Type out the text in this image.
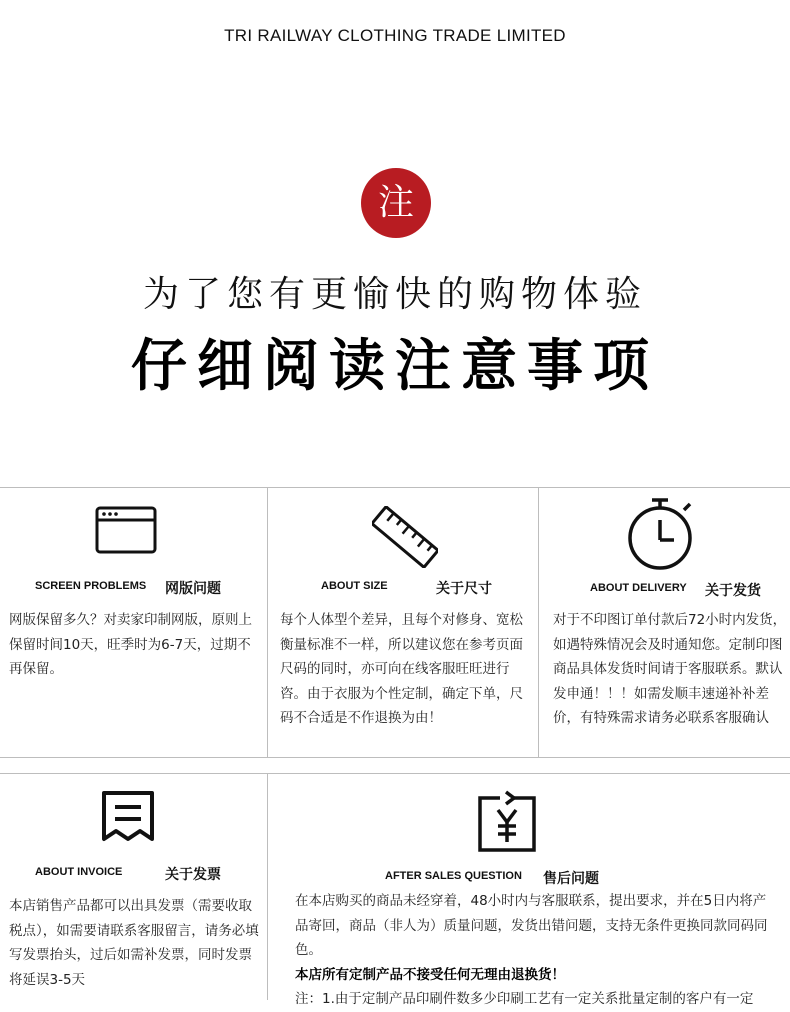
TRI RAILWAY CLOTHING TRADE LIMITED
注
为了您有更愉快的购物体验
仔细阅读注意事项
SCREEN PROBLEMS 网版问题
网版保留多久？对卖家印制网版，原则上保留时间10天，旺季时为6-7天，过期不再保留。
ABOUT SIZE	关于尺寸
每个人体型个差异，且每个对修身、宽松衡量标准不一样，所以建议您在参考页面尺码的同时，亦可向在线客服旺旺进行咨。由于衣服为个性定制，确定下单，尺码不合适是不作退换为由！
ABOUT DELIVERY 关于发货
对于不印图订单付款后72小时内发货，如遇特殊情况会及时通知您。定制印图商品具体发货时间请于客服联系。默认发申通！！！如需发顺丰速递补补差价，有特殊需求请务必联系客服确认
ABOUT INVOICE	关于发票
本店销售产品都可以出具发票（需要收取税点），如需要请联系客服留言，请务必填写发票抬头，过后如需补发票，同时发票将延误3-5天
AFTER SALES QUESTION 售后问题
在本店购买的商品未经穿着，48小时内与客服联系，提出要求，并在5日内将产品寄回，商品（非人为）质量问题，发货出错问题，支持无条件更换同款同码同色。
本店所有定制产品不接受任何无理由退换货！
注：1.由于定制产品印刷件数多少印刷工艺有一定关系批量定制的客户有一定
